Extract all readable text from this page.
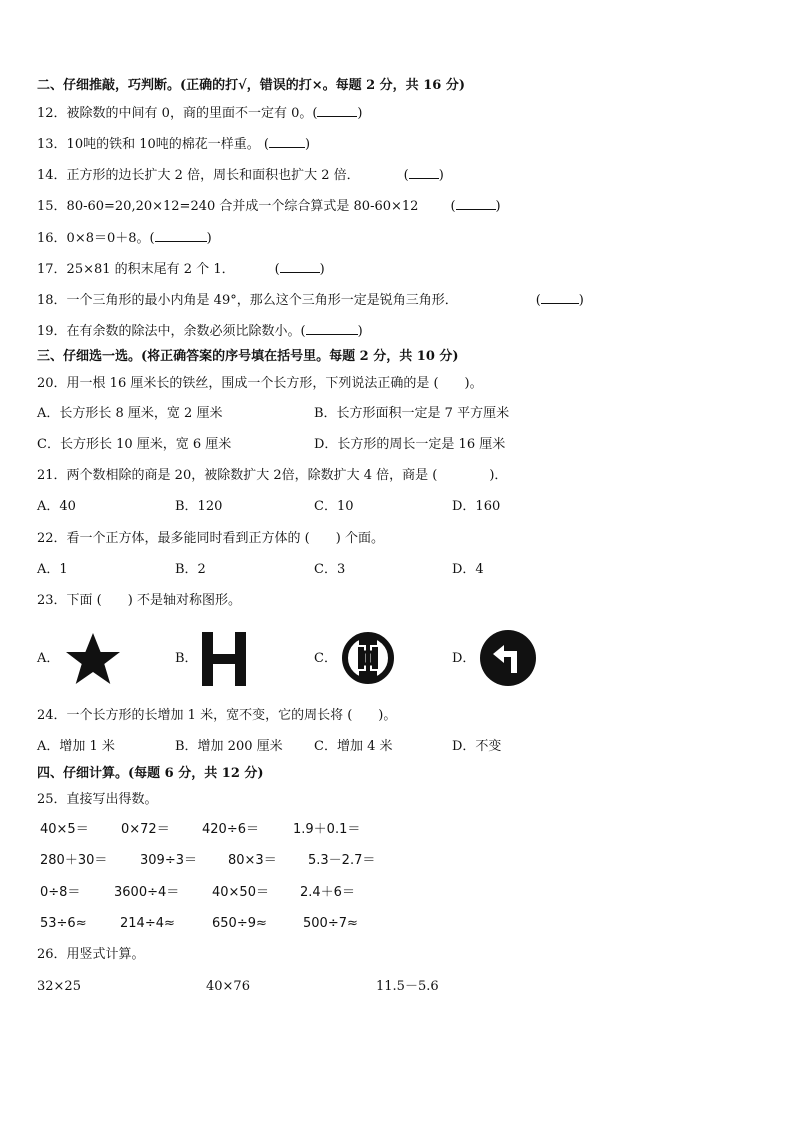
二、仔细推敲，巧判断。(正确的打√，错误的打×。每题 2 分，共 16 分)
12．被除数的中间有 0，商的里面不一定有 0。(	)
13．10吨的铁和 10吨的棉花一样重。 (	)
14．正方形的边长扩大 2 倍，周长和面积也扩大 2 倍．	( )
15．80-60=20,20×12=240 合并成一个综合算式是 80-60×12 (	)
16．0×8＝0＋8。(	)
17．25×81 的积末尾有 2 个 1．	(	)
18．一个三角形的最小内角是 49°，那么这个三角形一定是锐角三角形．	(	)
19．在有余数的除法中，余数必须比除数小。(	)
三、仔细选一选。(将正确答案的序号填在括号里。每题 2 分，共 10 分)
20．用一根 16 厘米长的铁丝，围成一个长方形，下列说法正确的是 (　　)。
A．长方形长 8 厘米，宽 2 厘米	B．长方形面积一定是 7 平方厘米
C．长方形长 10 厘米，宽 6 厘米	D．长方形的周长一定是 16 厘米
21．两个数相除的商是 20，被除数扩大 2倍，除数扩大 4 倍，商是 (　　　　)．
A．40	B．120	C．10	D．160
22．看一个正方体，最多能同时看到正方体的 (　　) 个面。
A．1	B．2	C．3	D．4
23．下面 (　　) 不是轴对称图形。
A．	B．	C．	D．
24．一个长方形的长增加 1 米，宽不变，它的周长将 (　　)。
A．增加 1 米	B．增加 200 厘米 C．增加 4 米	D．不变
四、仔细计算。(每题 6 分，共 12 分)
25．直接写出得数。
40×5＝ 0×72＝ 420÷6＝	1.9＋0.1＝
280＋30＝	309÷3＝ 80×3＝ 5.3－2.7＝
0÷8＝	3600÷4＝	40×50＝ 2.4＋6＝
53÷6≈	214÷4≈	650÷9≈	500÷7≈
26．用竖式计算。
32×25	40×76	11.5－5.6
